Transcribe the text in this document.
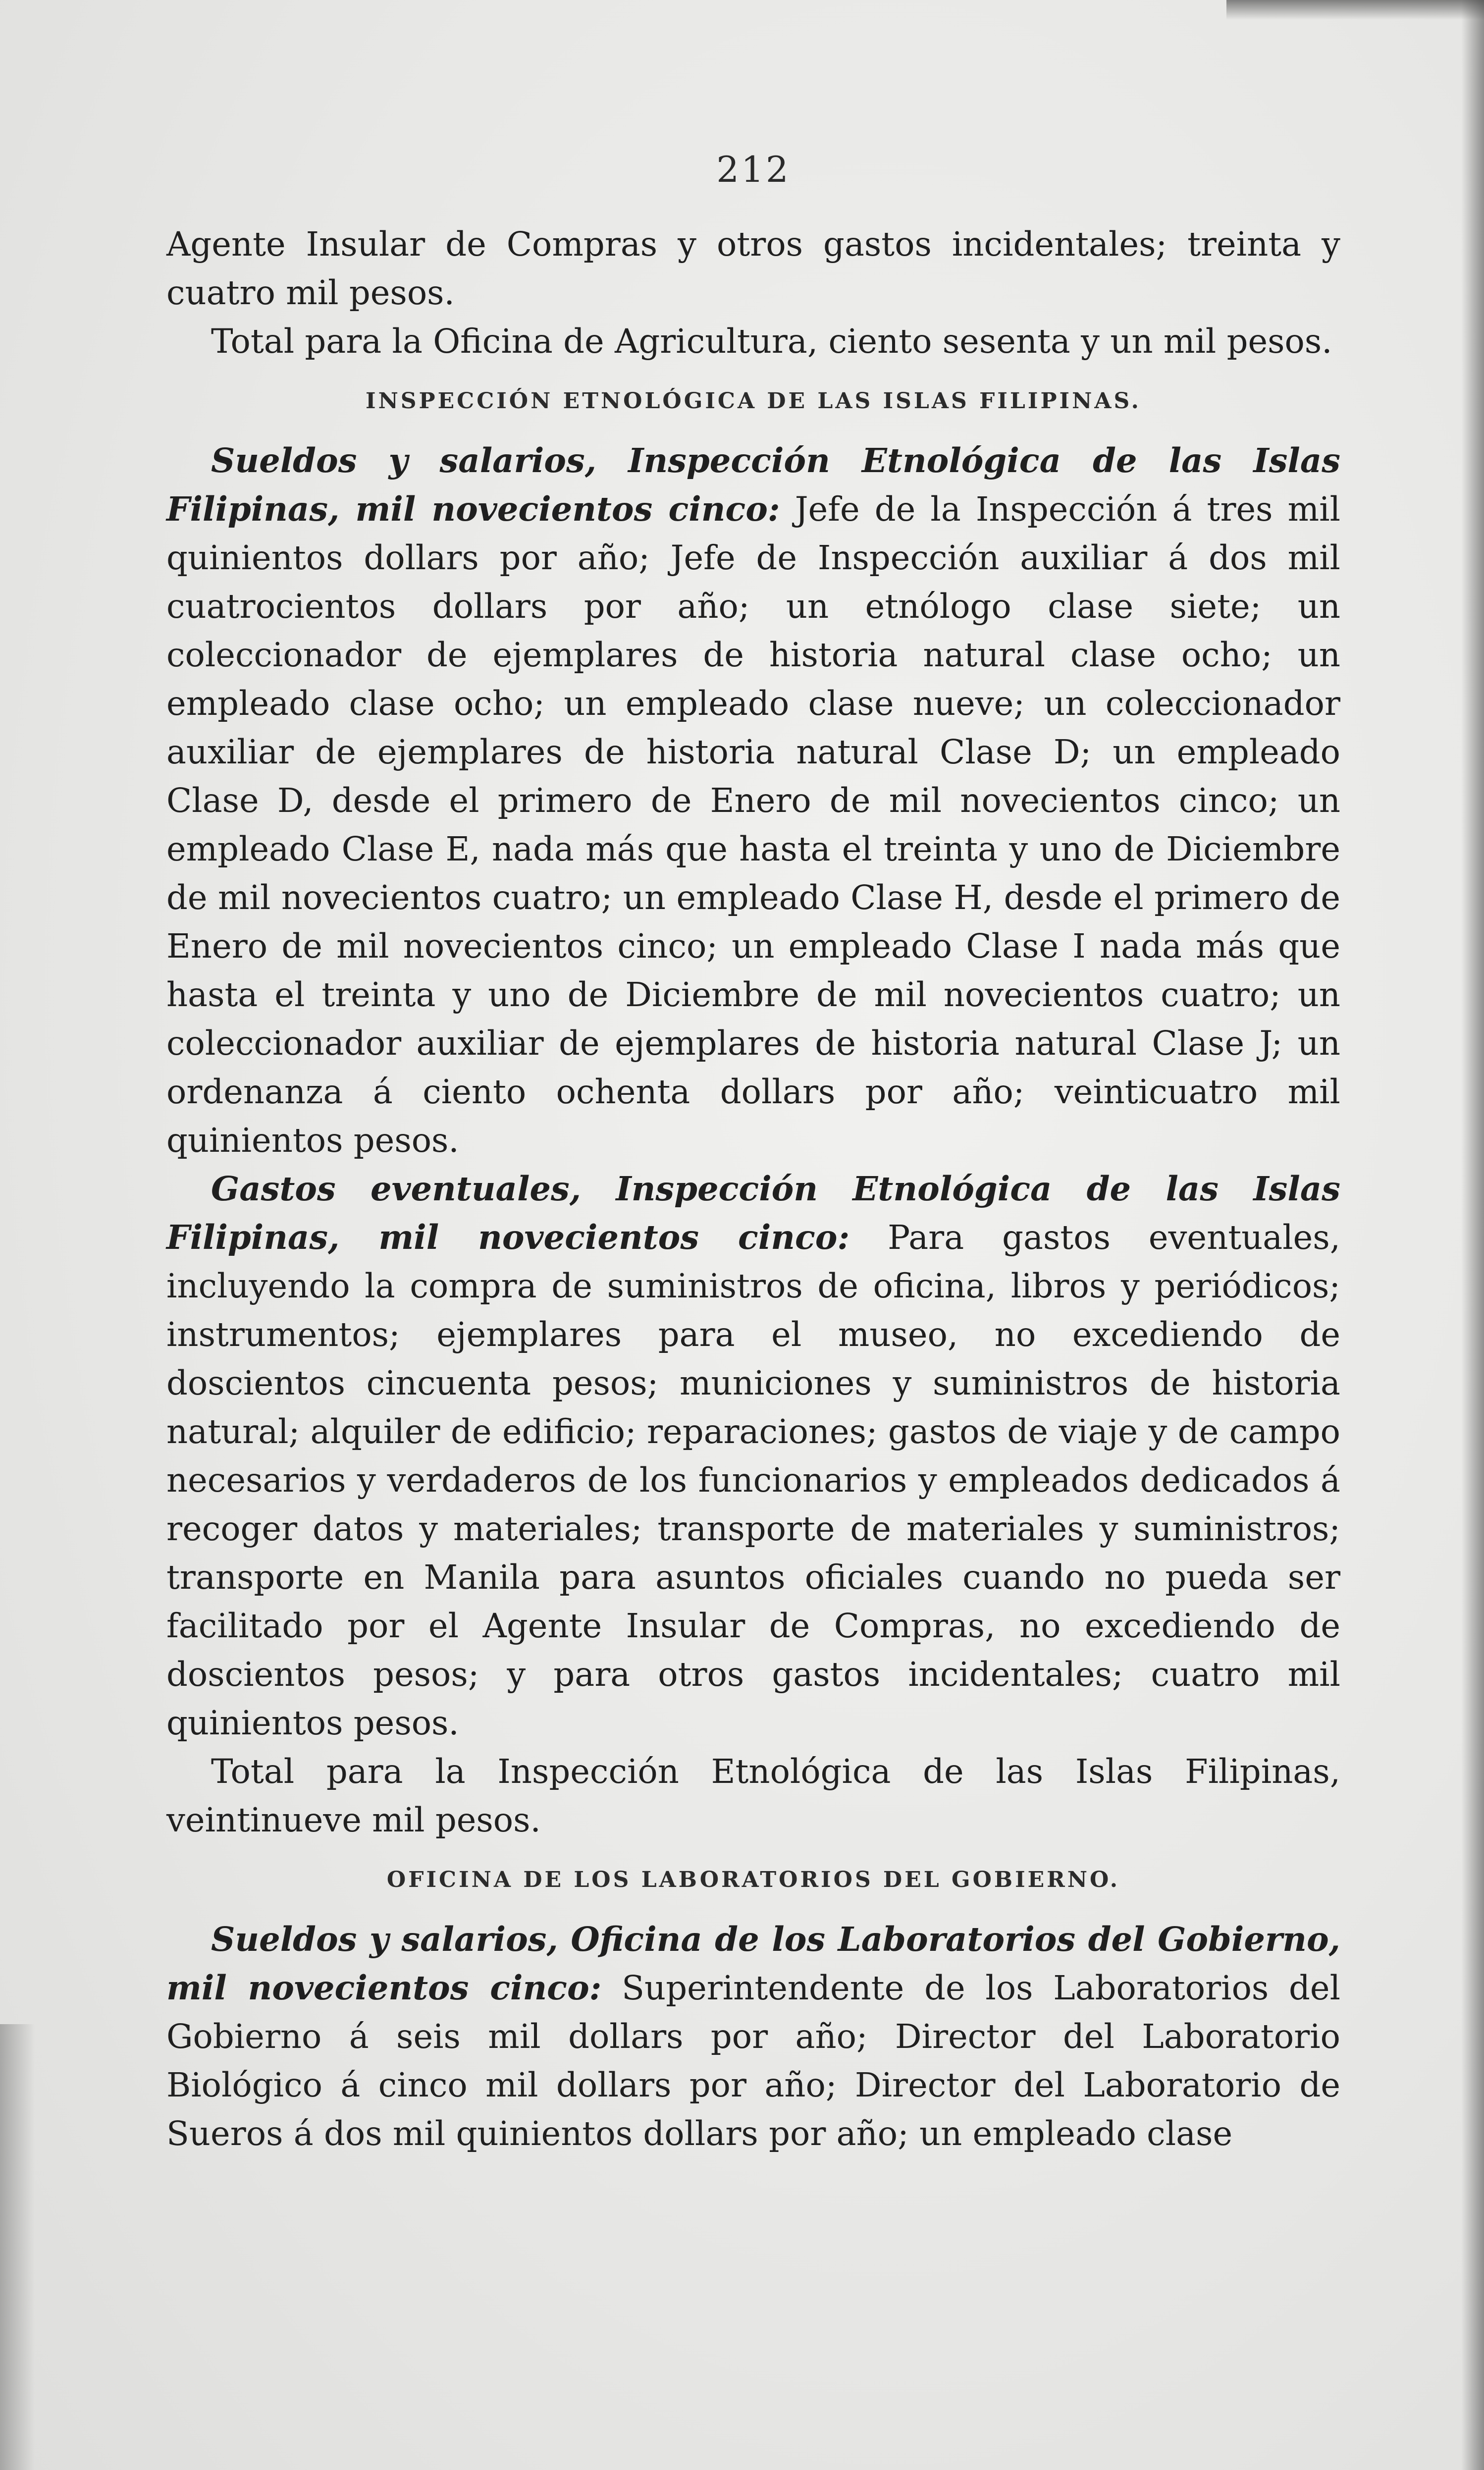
212

Agente Insular de Compras y otros gastos incidentales; treinta y cuatro mil pesos.

Total para la Oficina de Agricultura, ciento sesenta y un mil pesos.

INSPECCIÓN ETNOLÓGICA DE LAS ISLAS FILIPINAS.

Sueldos y salarios, Inspección Etnológica de las Islas Filipinas, mil novecientos cinco: Jefe de la Inspección á tres mil quinientos dollars por año; Jefe de Inspección auxiliar á dos mil cuatrocientos dollars por año; un etnólogo clase siete; un coleccionador de ejemplares de historia natural clase ocho; un empleado clase ocho; un empleado clase nueve; un coleccionador auxiliar de ejemplares de historia natural Clase D; un empleado Clase D, desde el primero de Enero de mil novecientos cinco; un empleado Clase E, nada más que hasta el treinta y uno de Diciembre de mil novecientos cuatro; un empleado Clase H, desde el primero de Enero de mil novecientos cinco; un empleado Clase I nada más que hasta el treinta y uno de Diciembre de mil novecientos cuatro; un coleccionador auxiliar de ejemplares de historia natural Clase J; un ordenanza á ciento ochenta dollars por año; veinticuatro mil quinientos pesos.

Gastos eventuales, Inspección Etnológica de las Islas Filipinas, mil novecientos cinco: Para gastos eventuales, incluyendo la compra de suministros de oficina, libros y periódicos; instrumentos; ejemplares para el museo, no excediendo de doscientos cincuenta pesos; municiones y suministros de historia natural; alquiler de edificio; reparaciones; gastos de viaje y de campo necesarios y verdaderos de los funcionarios y empleados dedicados á recoger datos y materiales; transporte de materiales y suministros; transporte en Manila para asuntos oficiales cuando no pueda ser facilitado por el Agente Insular de Compras, no excediendo de doscientos pesos; y para otros gastos incidentales; cuatro mil quinientos pesos.

Total para la Inspección Etnológica de las Islas Filipinas, veintinueve mil pesos.

OFICINA DE LOS LABORATORIOS DEL GOBIERNO.

Sueldos y salarios, Oficina de los Laboratorios del Gobierno, mil novecientos cinco: Superintendente de los Laboratorios del Gobierno á seis mil dollars por año; Director del Laboratorio Biológico á cinco mil dollars por año; Director del Laboratorio de Sueros á dos mil quinientos dollars por año; un empleado clase
